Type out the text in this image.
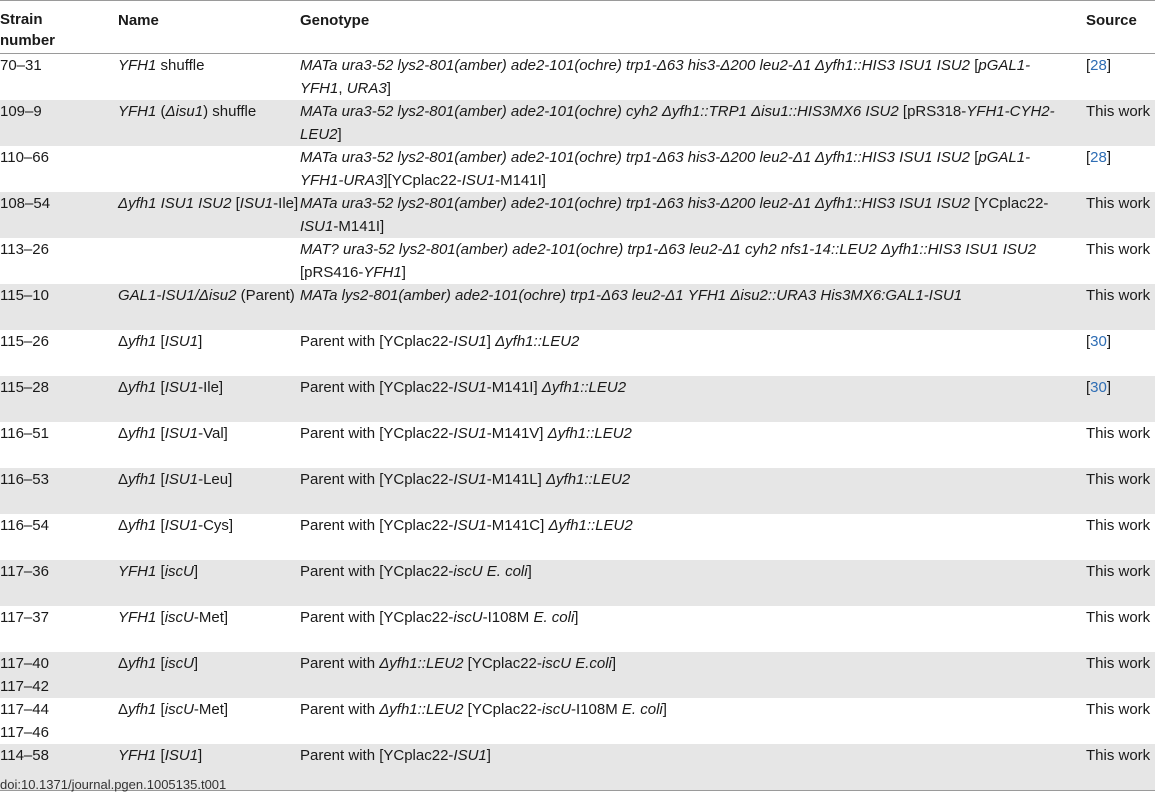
Strain
number	Name	Genotype	Source

70–31	YFH1 shuffle	MATa ura3-52 lys2-801(amber) ade2-101(ochre) trp1-Δ63 his3-Δ200 leu2-Δ1 Δyfh1::HIS3 ISU1 ISU2 [pGAL1-YFH1, URA3]	[28]
109–9	YFH1 (Δisu1) shuffle	MATa ura3-52 lys2-801(amber) ade2-101(ochre) cyh2 Δyfh1::TRP1 Δisu1::HIS3MX6 ISU2 [pRS318-YFH1-CYH2-LEU2]	This work
110–66		MATa ura3-52 lys2-801(amber) ade2-101(ochre) trp1-Δ63 his3-Δ200 leu2-Δ1 Δyfh1::HIS3 ISU1 ISU2 [pGAL1-YFH1-URA3][YCplac22-ISU1-M141I]	[28]
108–54	Δyfh1 ISU1 ISU2 [ISU1-Ile]	MATa ura3-52 lys2-801(amber) ade2-101(ochre) trp1-Δ63 his3-Δ200 leu2-Δ1 Δyfh1::HIS3 ISU1 ISU2 [YCplac22-ISU1-M141I]	This work
113–26		MAT? ura3-52 lys2-801(amber) ade2-101(ochre) trp1-Δ63 leu2-Δ1 cyh2 nfs1-14::LEU2 Δyfh1::HIS3 ISU1 ISU2 [pRS416-YFH1]	This work
115–10	GAL1-ISU1/Δisu2 (Parent)	MATa lys2-801(amber) ade2-101(ochre) trp1-Δ63 leu2-Δ1 YFH1 Δisu2::URA3 His3MX6:GAL1-ISU1	This work
115–26	Δyfh1 [ISU1]	Parent with [YCplac22-ISU1] Δyfh1::LEU2	[30]
115–28	Δyfh1 [ISU1-Ile]	Parent with [YCplac22-ISU1-M141I] Δyfh1::LEU2	[30]
116–51	Δyfh1 [ISU1-Val]	Parent with [YCplac22-ISU1-M141V] Δyfh1::LEU2	This work
116–53	Δyfh1 [ISU1-Leu]	Parent with [YCplac22-ISU1-M141L] Δyfh1::LEU2	This work
116–54	Δyfh1 [ISU1-Cys]	Parent with [YCplac22-ISU1-M141C] Δyfh1::LEU2	This work
117–36	YFH1 [iscU]	Parent with [YCplac22-iscU E. coli]	This work
117–37	YFH1 [iscU-Met]	Parent with [YCplac22-iscU-I108M E. coli]	This work
117–40
117–42	Δyfh1 [iscU]	Parent with Δyfh1::LEU2 [YCplac22-iscU E.coli]	This work
117–44
117–46	Δyfh1 [iscU-Met]	Parent with Δyfh1::LEU2 [YCplac22-iscU-I108M E. coli]	This work
114–58	YFH1 [ISU1]	Parent with [YCplac22-ISU1]	This work
doi:10.1371/journal.pgen.1005135.t001
